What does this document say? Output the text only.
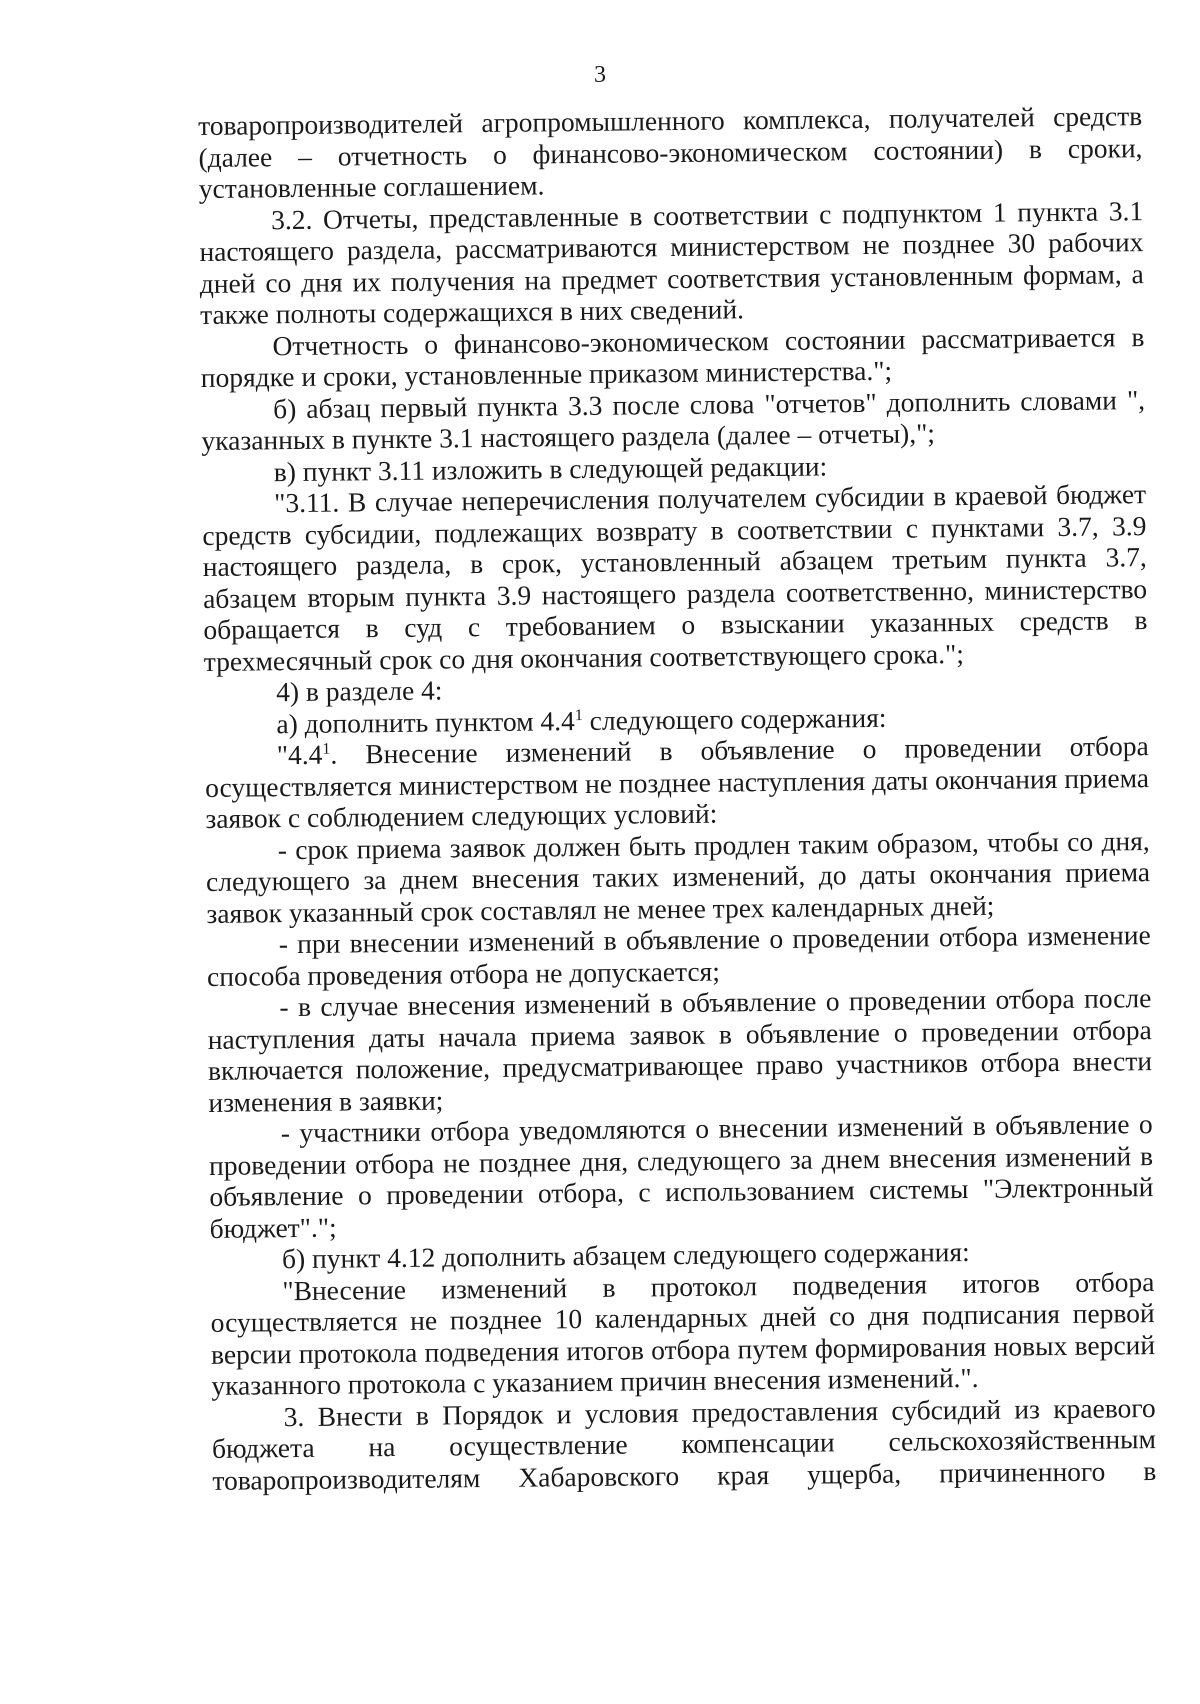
3

товаропроизводителей агропромышленного комплекса, получателей средств (далее – отчетность о финансово-экономическом состоянии) в сроки, установленные соглашением.

3.2. Отчеты, представленные в соответствии с подпунктом 1 пункта 3.1 настоящего раздела, рассматриваются министерством не позднее 30 рабочих дней со дня их получения на предмет соответствия установленным формам, а также полноты содержащихся в них сведений.

Отчетность о финансово-экономическом состоянии рассматривается в порядке и сроки, установленные приказом министерства.";

б) абзац первый пункта 3.3 после слова "отчетов" дополнить словами ", указанных в пункте 3.1 настоящего раздела (далее – отчеты),";

в) пункт 3.11 изложить в следующей редакции:

"3.11. В случае неперечисления получателем субсидии в краевой бюджет средств субсидии, подлежащих возврату в соответствии с пунктами 3.7, 3.9 настоящего раздела, в срок, установленный абзацем третьим пункта 3.7, абзацем вторым пункта 3.9 настоящего раздела соответственно, министерство обращается в суд с требованием о взыскании указанных средств в трехмесячный срок со дня окончания соответствующего срока.";

4) в разделе 4:

а) дополнить пунктом $4.4^1$ следующего содержания:

"$4.4^1$. Внесение изменений в объявление о проведении отбора осуществляется министерством не позднее наступления даты окончания приема заявок с соблюдением следующих условий:

- срок приема заявок должен быть продлен таким образом, чтобы со дня, следующего за днем внесения таких изменений, до даты окончания приема заявок указанный срок составлял не менее трех календарных дней;

- при внесении изменений в объявление о проведении отбора изменение способа проведения отбора не допускается;

- в случае внесения изменений в объявление о проведении отбора после наступления даты начала приема заявок в объявление о проведении отбора включается положение, предусматривающее право участников отбора внести изменения в заявки;

- участники отбора уведомляются о внесении изменений в объявление о проведении отбора не позднее дня, следующего за днем внесения изменений в объявление о проведении отбора, с использованием системы "Электронный бюджет".";

б) пункт 4.12 дополнить абзацем следующего содержания:

"Внесение изменений в протокол подведения итогов отбора осуществляется не позднее 10 календарных дней со дня подписания первой версии протокола подведения итогов отбора путем формирования новых версий указанного протокола с указанием причин внесения изменений.".

3. Внести в Порядок и условия предоставления субсидий из краевого бюджета на осуществление компенсации сельскохозяйственным товаропроизводителям Хабаровского края ущерба, причиненного в
